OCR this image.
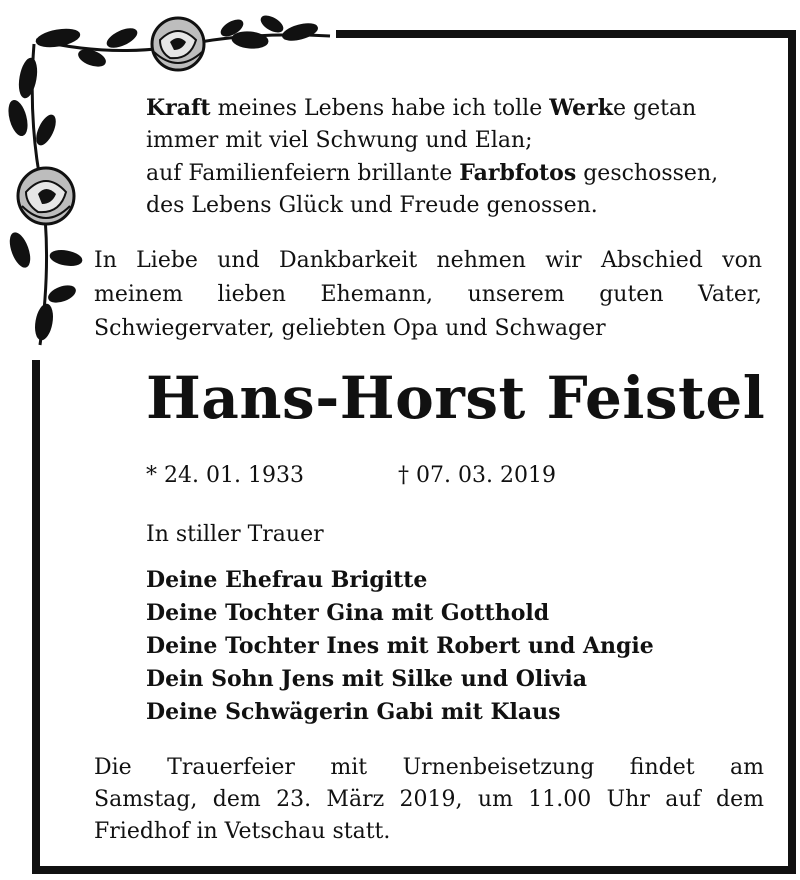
Kraft meines Lebens habe ich tolle Werke getan
immer mit viel Schwung und Elan;
auf Familienfeiern brillante Farbfotos geschossen,
des Lebens Glück und Freude genossen.
In Liebe und Dankbarkeit nehmen wir Abschied von
meinem lieben Ehemann, unserem guten Vater,
Schwiegervater, geliebten Opa und Schwager
Hans-Horst Feistel
* 24. 01. 1933	† 07. 03. 2019
In stiller Trauer
Deine Ehefrau Brigitte
Deine Tochter Gina mit Gotthold
Deine Tochter Ines mit Robert und Angie
Dein Sohn Jens mit Silke und Olivia
Deine Schwägerin Gabi mit Klaus
Die Trauerfeier mit Urnenbeisetzung findet am
Samstag, dem 23. März 2019, um 11.00 Uhr auf dem
Friedhof in Vetschau statt.
